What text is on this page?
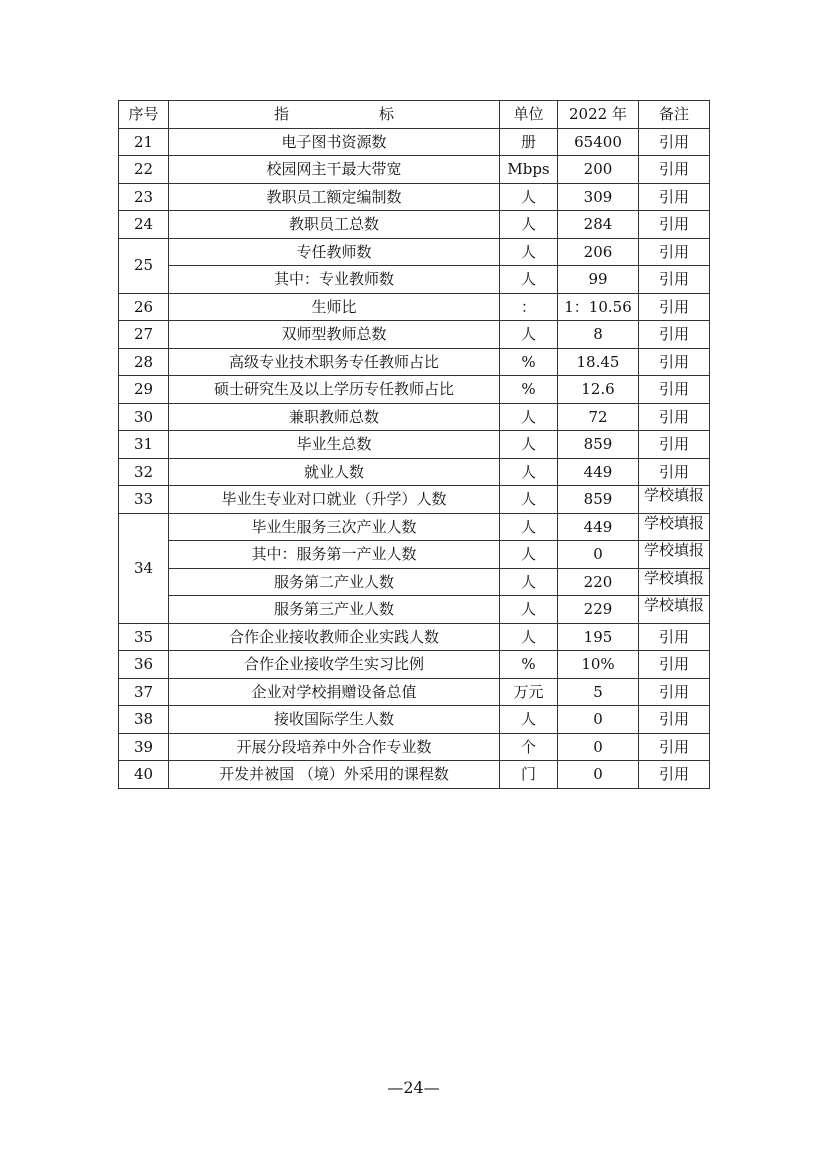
序号	指 标	单位	2022 年	备注
21	电子图书资源数	册	65400	引用
22	校园网主干最大带宽	Mbps	200	引用
23	教职员工额定编制数	人	309	引用
24	教职员工总数	人	284	引用
25	专任教师数	人	206	引用
	其中：专业教师数	人	99	引用
26	生师比	：	1：10.56	引用
27	双师型教师总数	人	8	引用
28	高级专业技术职务专任教师占比	%	18.45	引用
29	硕士研究生及以上学历专任教师占比	%	12.6	引用
30	兼职教师总数	人	72	引用
31	毕业生总数	人	859	引用
32	就业人数	人	449	引用
33	毕业生专业对口就业（升学）人数	人	859	学校填报

34	毕业生服务三次产业人数	人	449	学校填报

	其中：服务第一产业人数	人	0	学校填报

	服务第二产业人数	人	220	学校填报

	服务第三产业人数	人	229	学校填报

35	合作企业接收教师企业实践人数	人	195	引用
36	合作企业接收学生实习比例	%	10%	引用
37	企业对学校捐赠设备总值	万元	5	引用
38	接收国际学生人数	人	0	引用
39	开展分段培养中外合作专业数	个	0	引用
40	开发并被国 （境）外采用的课程数	门	0	引用
—24—
